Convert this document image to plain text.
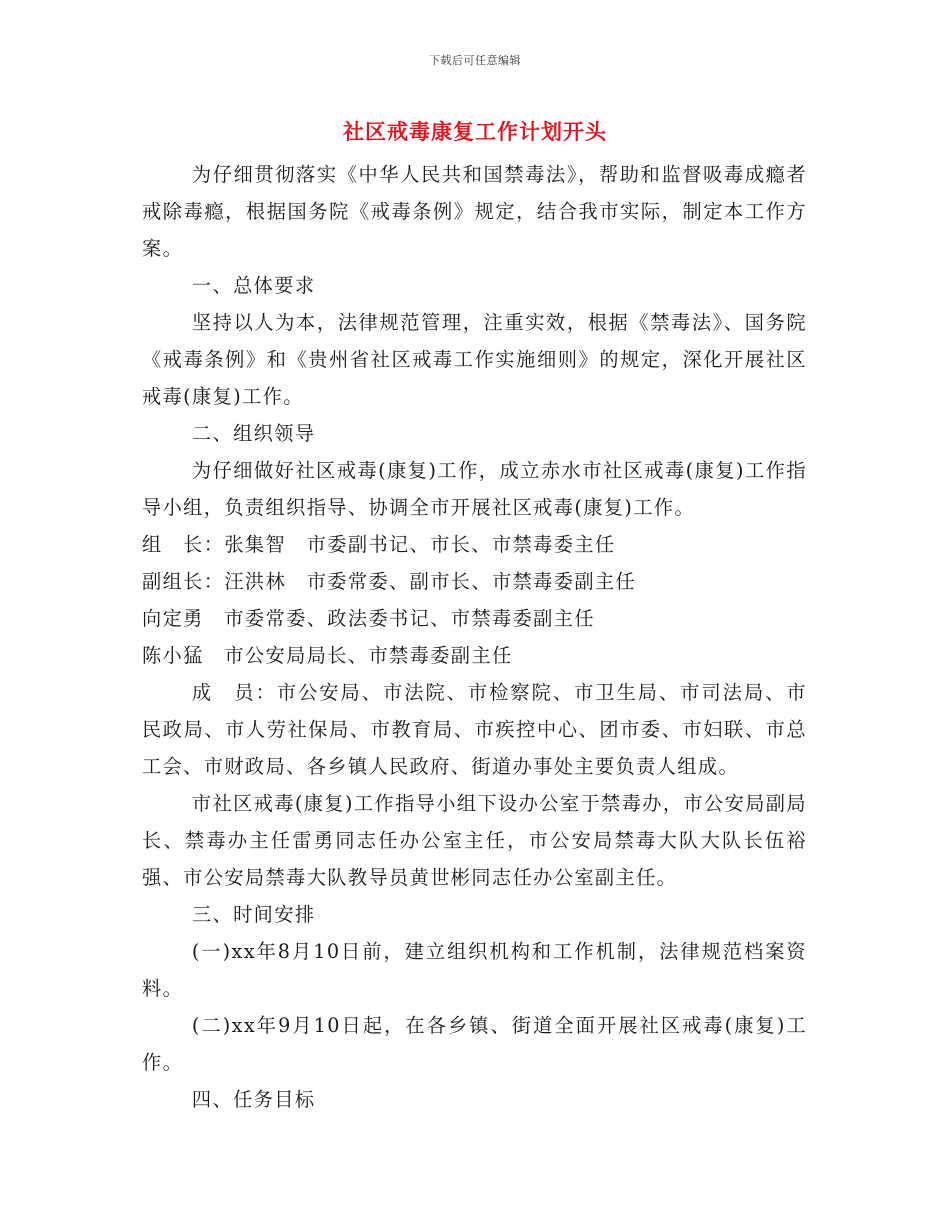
下载后可任意编辑
社区戒毒康复工作计划开头

为仔细贯彻落实《中华人民共和国禁毒法》，帮助和监督吸毒成瘾者戒除毒瘾，根据国务院《戒毒条例》规定，结合我市实际，制定本工作方案。

一、总体要求

坚持以人为本，法律规范管理，注重实效，根据《禁毒法》、国务院《戒毒条例》和《贵州省社区戒毒工作实施细则》的规定，深化开展社区戒毒(康复)工作。

二、组织领导

为仔细做好社区戒毒(康复)工作，成立赤水市社区戒毒(康复)工作指导小组，负责组织指导、协调全市开展社区戒毒(康复)工作。

组　长：张集智　市委副书记、市长、市禁毒委主任

副组长：汪洪林　市委常委、副市长、市禁毒委副主任

向定勇　市委常委、政法委书记、市禁毒委副主任

陈小猛　市公安局局长、市禁毒委副主任

成　员：市公安局、市法院、市检察院、市卫生局、市司法局、市民政局、市人劳社保局、市教育局、市疾控中心、团市委、市妇联、市总工会、市财政局、各乡镇人民政府、街道办事处主要负责人组成。

市社区戒毒(康复)工作指导小组下设办公室于禁毒办，市公安局副局长、禁毒办主任雷勇同志任办公室主任，市公安局禁毒大队大队长伍裕强、市公安局禁毒大队教导员黄世彬同志任办公室副主任。

三、时间安排

(一)xx年8月10日前，建立组织机构和工作机制，法律规范档案资料。

(二)xx年9月10日起，在各乡镇、街道全面开展社区戒毒(康复)工作。

四、任务目标
